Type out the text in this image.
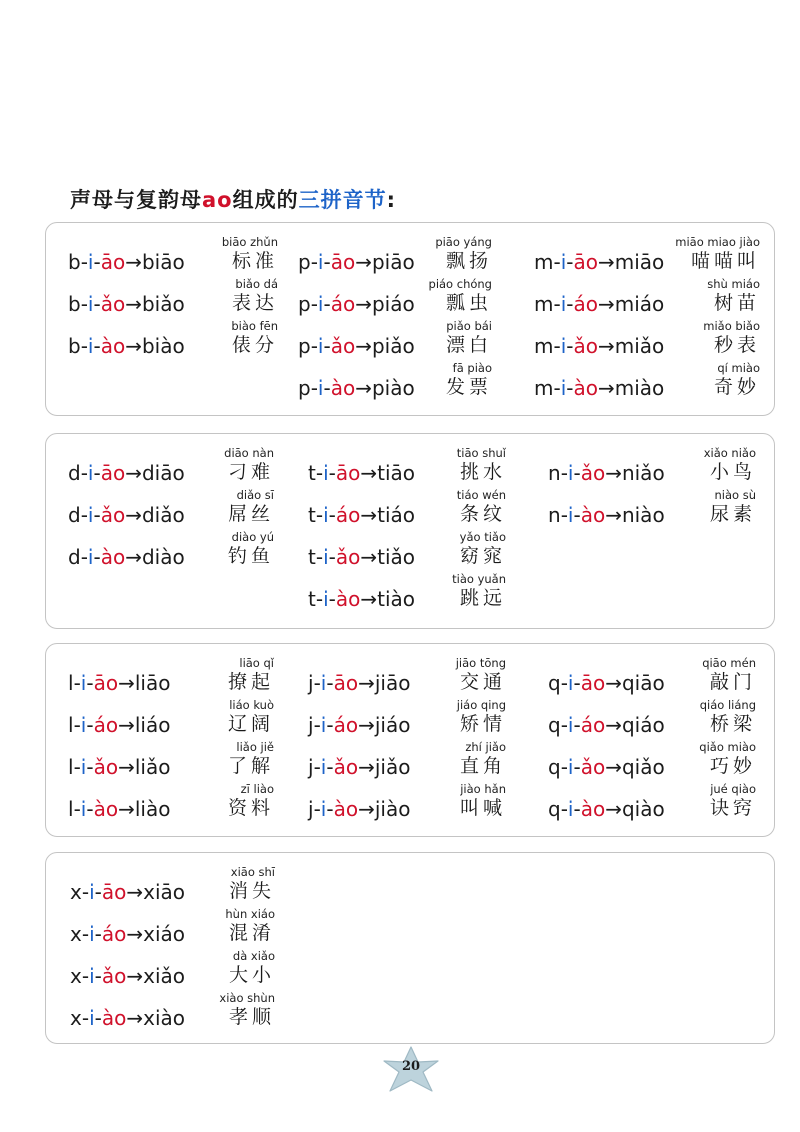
声母与复韵母ao组成的三拼音节:
biāo zhǔn
标准
b-i-āo→biāo
biǎo dá
表达
b-i-ǎo→biǎo
biào fēn
俵分
b-i-ào→biào
piāo yáng
飘扬
p-i-āo→piāo
piáo chóng
瓢虫
p-i-áo→piáo
piǎo bái
漂白
p-i-ǎo→piǎo
fā piào
发票
p-i-ào→piào
miāo miao jiào
喵喵叫
m-i-āo→miāo
shù miáo
树苗
m-i-áo→miáo
miǎo biǎo
秒表
m-i-ǎo→miǎo
qí miào
奇妙
m-i-ào→miào
diāo nàn
刁难
d-i-āo→diāo
diǎo sī
屌丝
d-i-ǎo→diǎo
diào yú
钓鱼
d-i-ào→diào
tiāo shuǐ
挑水
t-i-āo→tiāo
tiáo wén
条纹
t-i-áo→tiáo
yǎo tiǎo
窈窕
t-i-ǎo→tiǎo
tiào yuǎn
跳远
t-i-ào→tiào
xiǎo niǎo
小鸟
n-i-ǎo→niǎo
niào sù
尿素
n-i-ào→niào
liāo qǐ
撩起
l-i-āo→liāo
liáo kuò
辽阔
l-i-áo→liáo
liǎo jiě
了解
l-i-ǎo→liǎo
zī liào
资料
l-i-ào→liào
jiāo tōng
交通
j-i-āo→jiāo
jiáo qing
矫情
j-i-áo→jiáo
zhí jiǎo
直角
j-i-ǎo→jiǎo
jiào hǎn
叫喊
j-i-ào→jiào
qiāo mén
敲门
q-i-āo→qiāo
qiáo liáng
桥梁
q-i-áo→qiáo
qiǎo miào
巧妙
q-i-ǎo→qiǎo
jué qiào
诀窍
q-i-ào→qiào
xiāo shī
消失
x-i-āo→xiāo
hùn xiáo
混淆
x-i-áo→xiáo
dà xiǎo
大小
x-i-ǎo→xiǎo
xiào shùn
孝顺
x-i-ào→xiào
20
